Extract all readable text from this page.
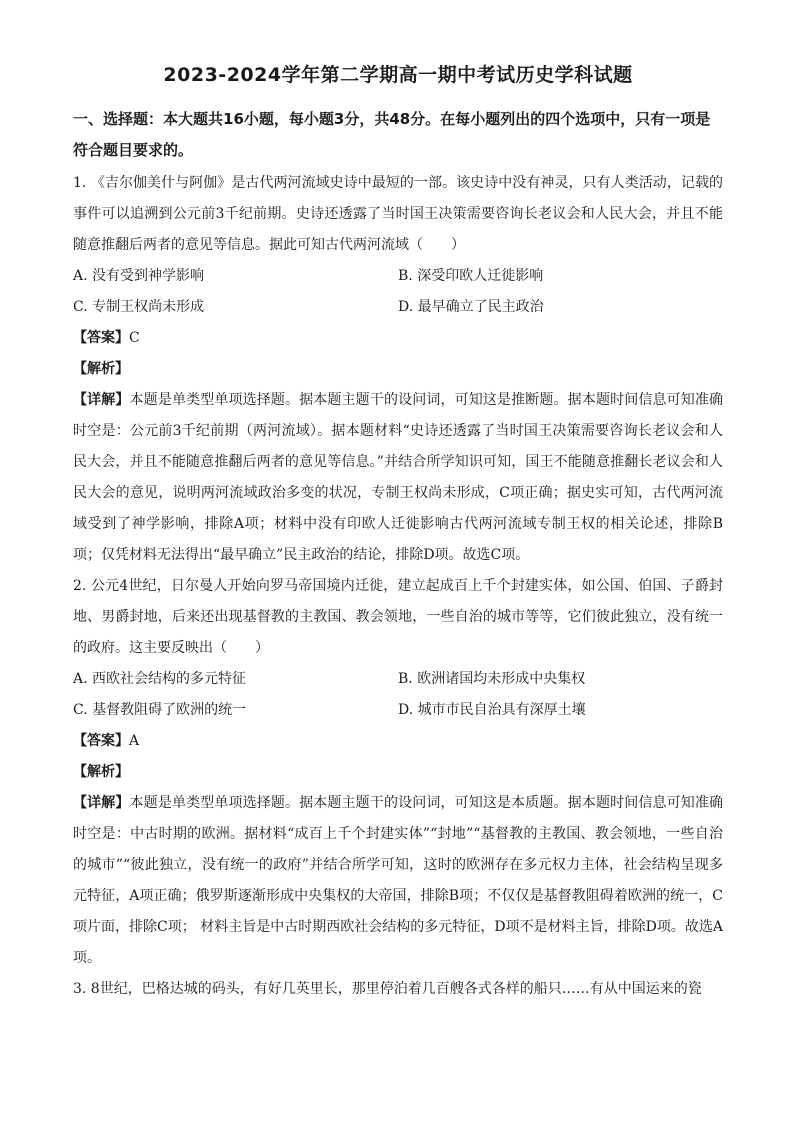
2023-2024学年第二学期高一期中考试历史学科试题
一、选择题：本大题共16小题，每小题3分，共48分。在每小题列出的四个选项中，只有一项是符合题目要求的。

1. 《吉尔伽美什与阿伽》是古代两河流域史诗中最短的一部。该史诗中没有神灵，只有人类活动，记载的事件可以追溯到公元前3千纪前期。史诗还透露了当时国王决策需要咨询长老议会和人民大会，并且不能随意推翻后两者的意见等信息。据此可知古代两河流域（　　）

A. 没有受到神学影响	B. 深受印欧人迁徙影响
C. 专制王权尚未形成	D. 最早确立了民主政治

【答案】C

【解析】

【详解】本题是单类型单项选择题。据本题主题干的设问词，可知这是推断题。据本题时间信息可知准确时空是：公元前3千纪前期（两河流域）。据本题材料“史诗还透露了当时国王决策需要咨询长老议会和人民大会，并且不能随意推翻后两者的意见等信息。”并结合所学知识可知，国王不能随意推翻长老议会和人民大会的意见，说明两河流域政治多变的状况，专制王权尚未形成，C项正确；据史实可知，古代两河流域受到了神学影响，排除A项；材料中没有印欧人迁徙影响古代两河流域专制王权的相关论述，排除B项；仅凭材料无法得出“最早确立”民主政治的结论，排除D项。故选C项。

2. 公元4世纪，日尔曼人开始向罗马帝国境内迁徙，建立起成百上千个封建实体，如公国、伯国、子爵封地、男爵封地，后来还出现基督教的主教国、教会领地，一些自治的城市等等，它们彼此独立，没有统一的政府。这主要反映出（　　）

A. 西欧社会结构的多元特征	B. 欧洲诸国均未形成中央集权
C. 基督教阻碍了欧洲的统一	D. 城市市民自治具有深厚土壤

【答案】A

【解析】

【详解】本题是单类型单项选择题。据本题主题干的设问词，可知这是本质题。据本题时间信息可知准确时空是：中古时期的欧洲。据材料“成百上千个封建实体”“封地”“基督教的主教国、教会领地，一些自治的城市”“彼此独立，没有统一的政府”并结合所学可知，这时的欧洲存在多元权力主体，社会结构呈现多元特征，A项正确；俄罗斯逐渐形成中央集权的大帝国，排除B项；不仅仅是基督教阻碍着欧洲的统一，C项片面，排除C项； 材料主旨是中古时期西欧社会结构的多元特征，D项不是材料主旨，排除D项。故选A项。

3. 8世纪，巴格达城的码头，有好几英里长，那里停泊着几百艘各式各样的船只……有从中国运来的瓷
